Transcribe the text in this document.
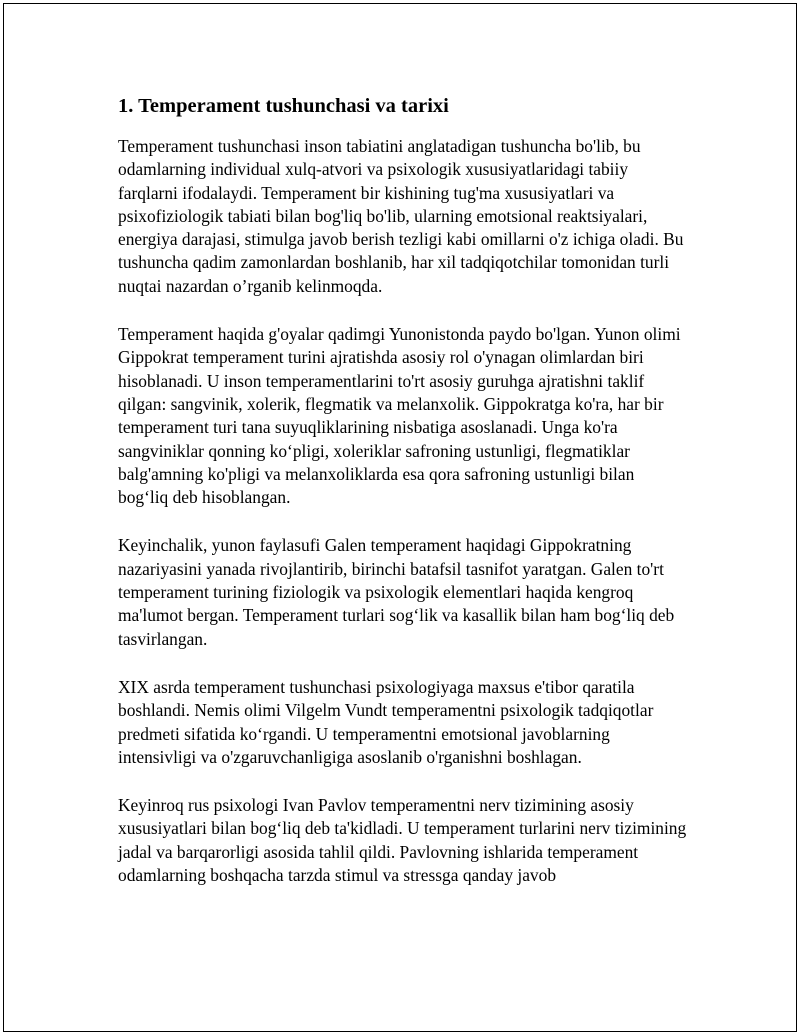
1. Temperament tushunchasi va tarixi

Temperament tushunchasi inson tabiatini anglatadigan tushuncha bo'lib, bu odamlarning individual xulq-atvori va psixologik xususiyatlaridagi tabiiy farqlarni ifodalaydi. Temperament bir kishining tug'ma xususiyatlari va psixofiziologik tabiati bilan bog'liq bo'lib, ularning emotsional reaktsiyalari, energiya darajasi, stimulga javob berish tezligi kabi omillarni o'z ichiga oladi. Bu tushuncha qadim zamonlardan boshlanib, har xil tadqiqotchilar tomonidan turli nuqtai nazardan o’rganib kelinmoqda.

Temperament haqida g'oyalar qadimgi Yunonistonda paydo bo'lgan. Yunon olimi Gippokrat temperament turini ajratishda asosiy rol o'ynagan olimlardan biri hisoblanadi. U inson temperamentlarini to'rt asosiy guruhga ajratishni taklif qilgan: sangvinik, xolerik, flegmatik va melanxolik. Gippokratga ko'ra, har bir temperament turi tana suyuqliklarining nisbatiga asoslanadi. Unga ko'ra sangviniklar qonning ko‘pligi, xoleriklar safroning ustunligi, flegmatiklar balg'amning ko'pligi va melanxoliklarda esa qora safroning ustunligi bilan bog‘liq deb hisoblangan.

Keyinchalik, yunon faylasufi Galen temperament haqidagi Gippokratning nazariyasini yanada rivojlantirib, birinchi batafsil tasnifot yaratgan. Galen to'rt temperament turining fiziologik va psixologik elementlari haqida kengroq ma'lumot bergan. Temperament turlari sog‘lik va kasallik bilan ham bog‘liq deb tasvirlangan.

XIX asrda temperament tushunchasi psixologiyaga maxsus e'tibor qaratila boshlandi. Nemis olimi Vilgelm Vundt temperamentni psixologik tadqiqotlar predmeti sifatida ko‘rgandi. U temperamentni emotsional javoblarning intensivligi va o'zgaruvchanligiga asoslanib o'rganishni boshlagan.

Keyinroq rus psixologi Ivan Pavlov temperamentni nerv tizimining asosiy xususiyatlari bilan bog‘liq deb ta'kidladi. U temperament turlarini nerv tizimining jadal va barqarorligi asosida tahlil qildi. Pavlovning ishlarida temperament odamlarning boshqacha tarzda stimul va stressga qanday javob
